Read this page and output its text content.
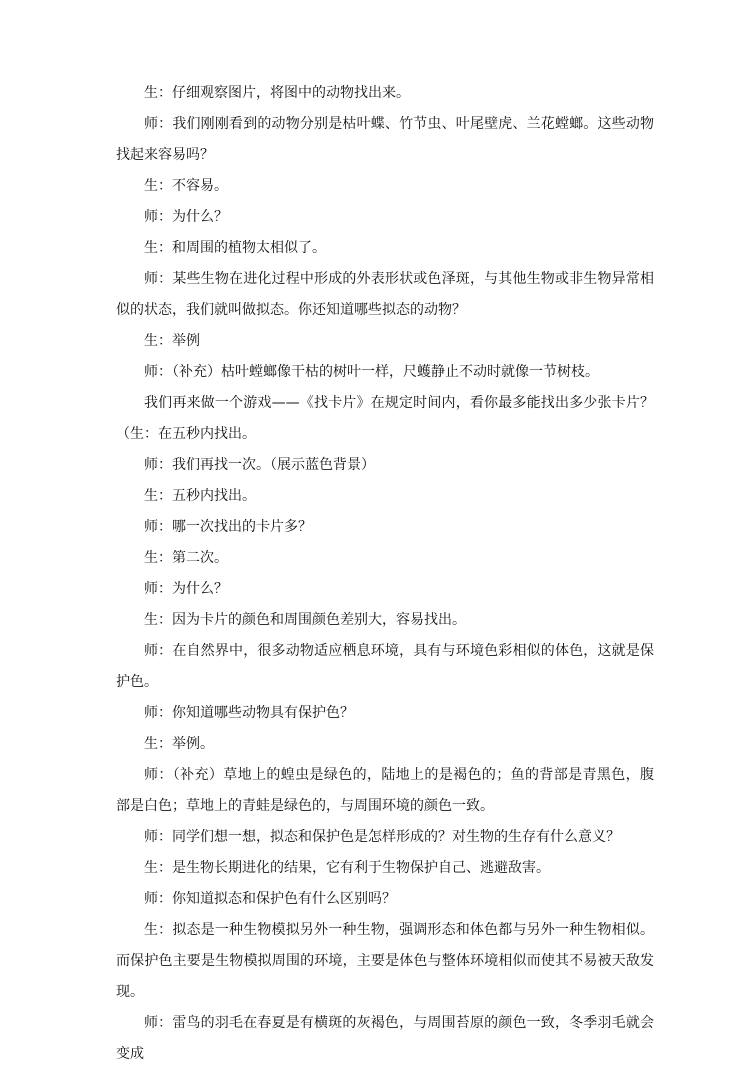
生：仔细观察图片，将图中的动物找出来。

师：我们刚刚看到的动物分别是枯叶蝶、竹节虫、叶尾壁虎、兰花螳螂。这些动物找起来容易吗？

生：不容易。

师：为什么？

生：和周围的植物太相似了。

师：某些生物在进化过程中形成的外表形状或色泽斑，与其他生物或非生物异常相似的状态，我们就叫做拟态。你还知道哪些拟态的动物？

生：举例

师：（补充）枯叶螳螂像干枯的树叶一样，尺蠖静止不动时就像一节树枝。

我们再来做一个游戏——《找卡片》在规定时间内，看你最多能找出多少张卡片？（生：在五秒内找出。

师：我们再找一次。（展示蓝色背景）

生：五秒内找出。

师：哪一次找出的卡片多？

生：第二次。

师：为什么？

生：因为卡片的颜色和周围颜色差别大，容易找出。

师：在自然界中，很多动物适应栖息环境，具有与环境色彩相似的体色，这就是保护色。

师：你知道哪些动物具有保护色？

生：举例。

师：（补充）草地上的蝗虫是绿色的，陆地上的是褐色的；鱼的背部是青黑色，腹部是白色；草地上的青蛙是绿色的，与周围环境的颜色一致。

师：同学们想一想，拟态和保护色是怎样形成的？对生物的生存有什么意义？

生：是生物长期进化的结果，它有利于生物保护自己、逃避敌害。

师：你知道拟态和保护色有什么区别吗？

生：拟态是一种生物模拟另外一种生物，强调形态和体色都与另外一种生物相似。而保护色主要是生物模拟周围的环境，主要是体色与整体环境相似而使其不易被天敌发现。

师：雷鸟的羽毛在春夏是有横斑的灰褐色，与周围苔原的颜色一致，冬季羽毛就会变成
